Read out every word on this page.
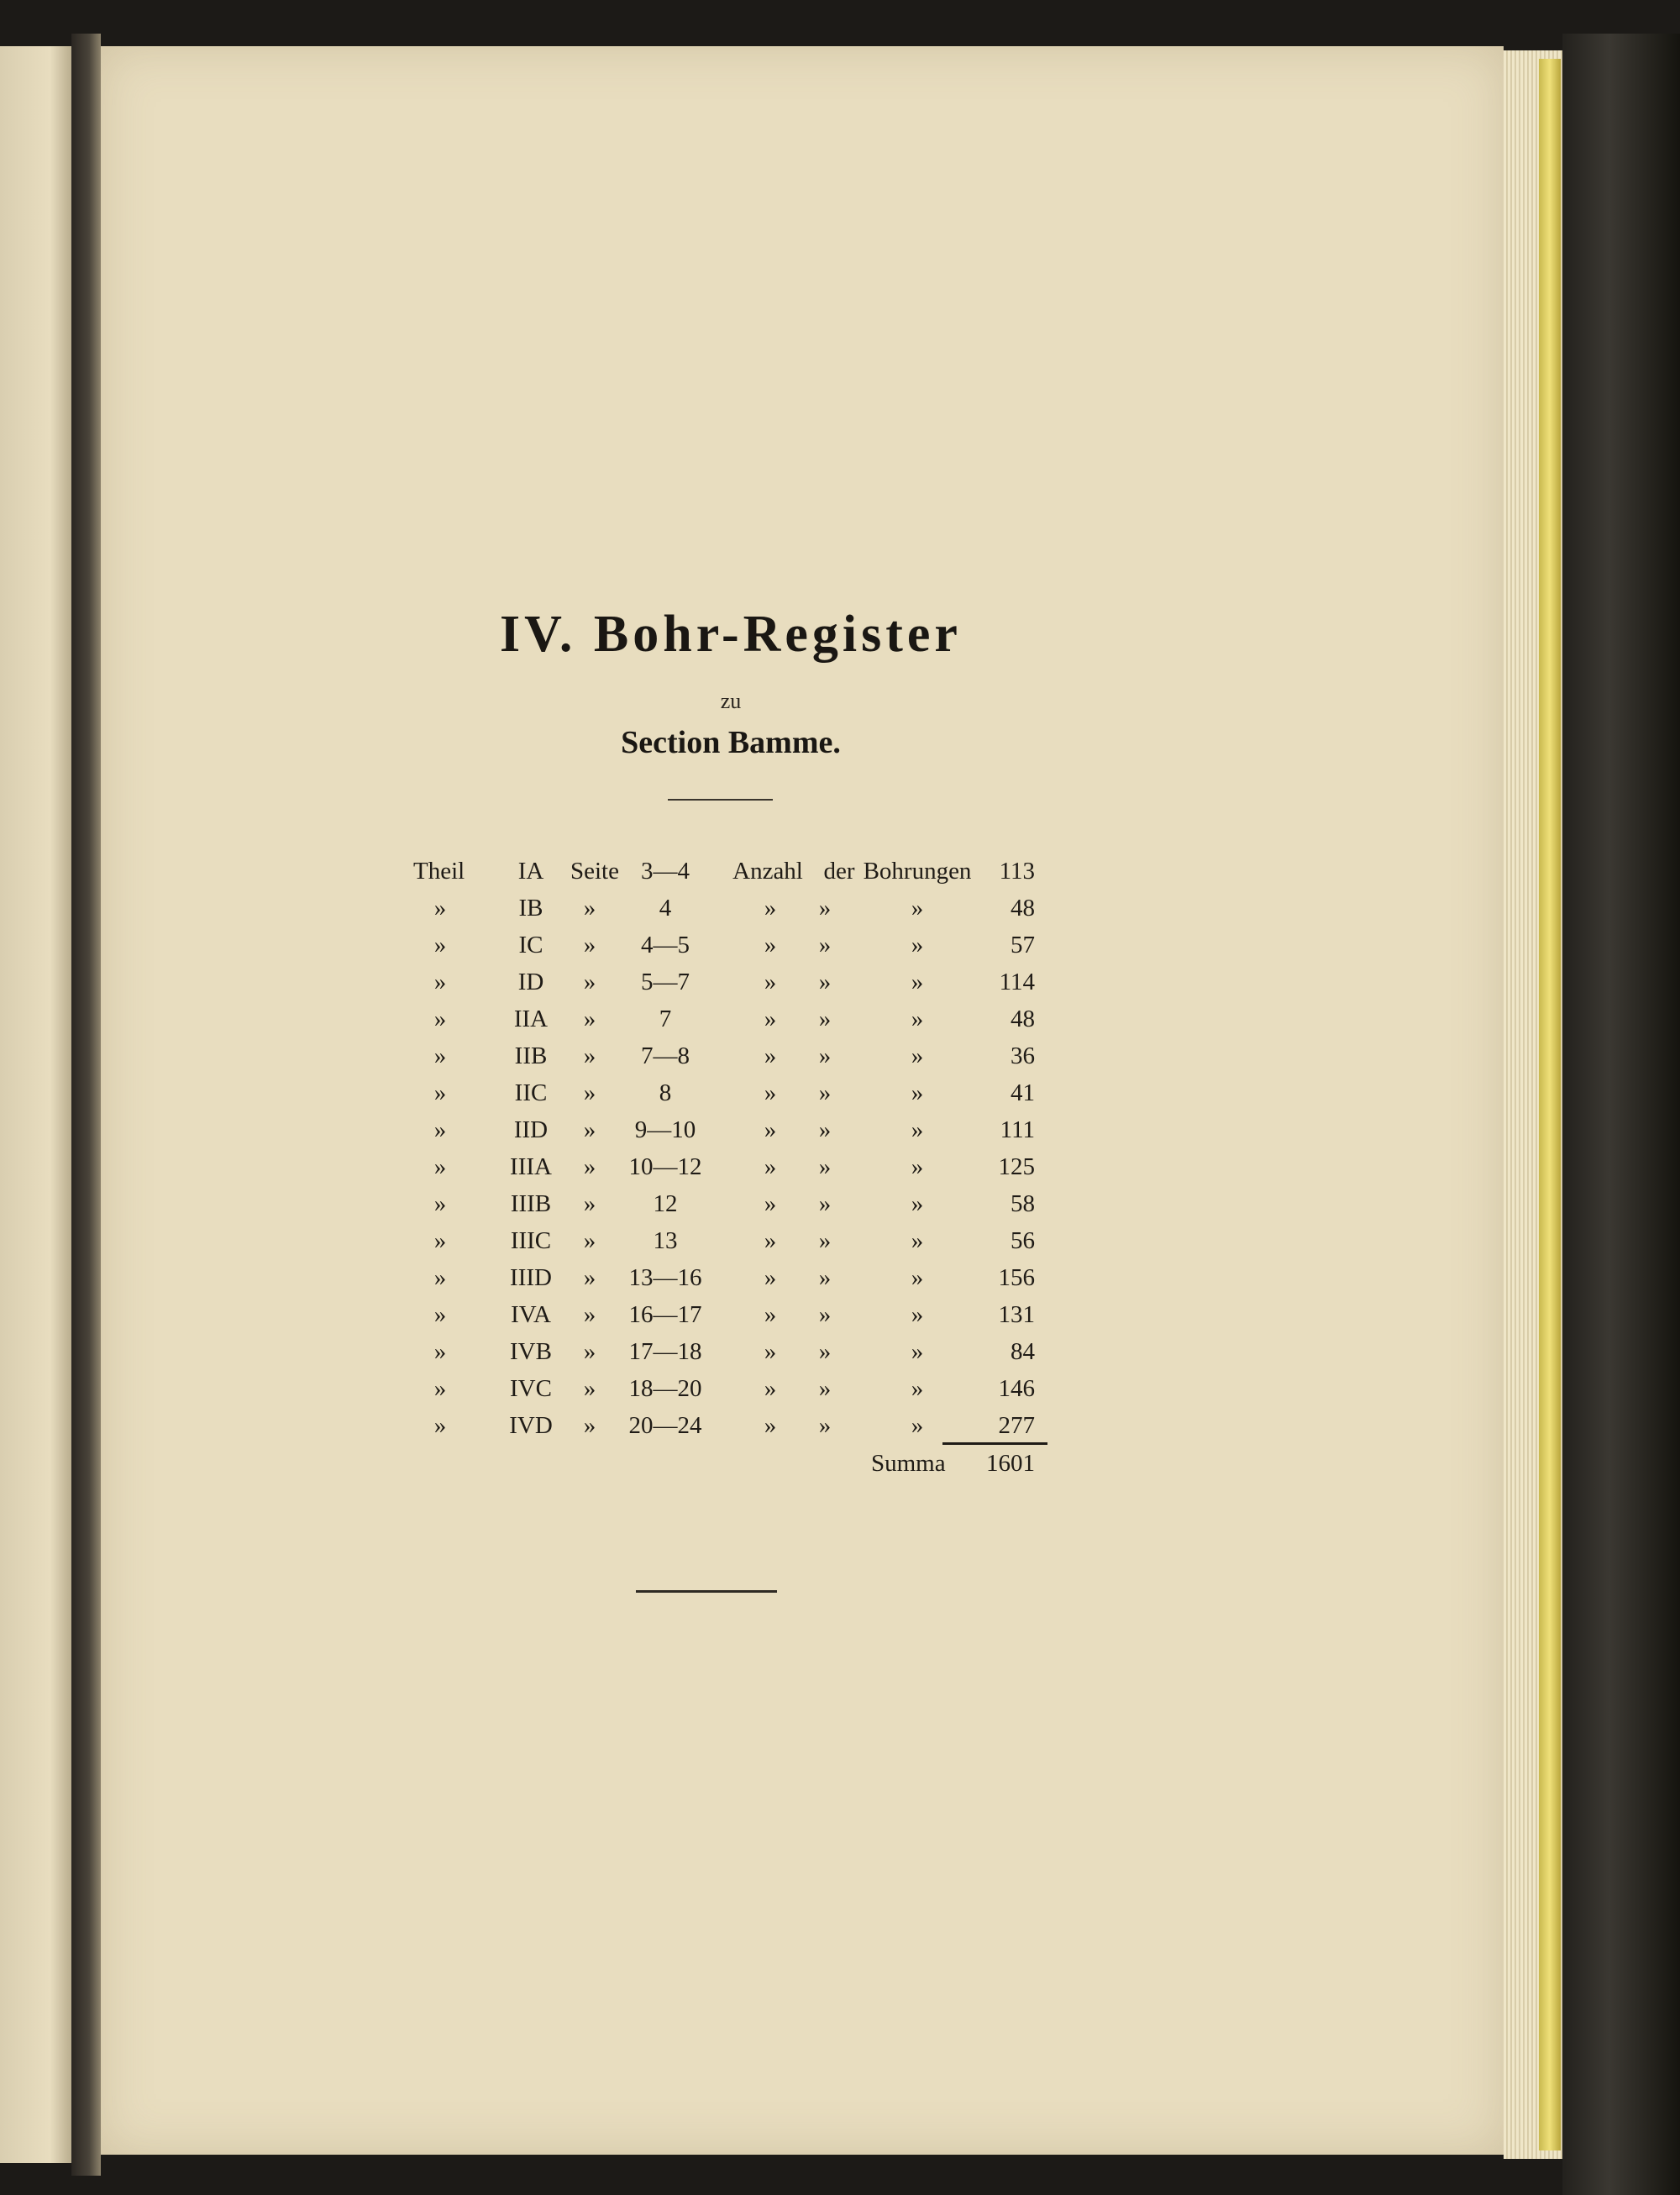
IV. Bohr-Register
zu
Section Bamme.
Theil	IA	Seite 3—4	Anzahl der Bohrungen	113
»	IB	»	4	»	»	»	48
»	IC	»	4—5	»	»	»	57
»	ID	»	5—7	»	»	»	114
»	IIA	»	7	»	»	»	48
»	IIB	»	7—8	»	»	»	36
»	IIC	»	8	»	»	»	41
»	IID	»	9—10	»	»	»	111
»	IIIA	»	10—12	»	»	»	125
»	IIIB	»	12	»	»	»	58
»	IIIC	»	13	»	»	»	56
»	IIID	»	13—16	»	»	»	156
»	IVA	»	16—17	»	»	»	131
»	IVB	»	17—18	»	»	»	84
»	IVC	»	18—20	»	»	»	146
»	IVD	»	20—24	»	»	»	277
Summa	1601
